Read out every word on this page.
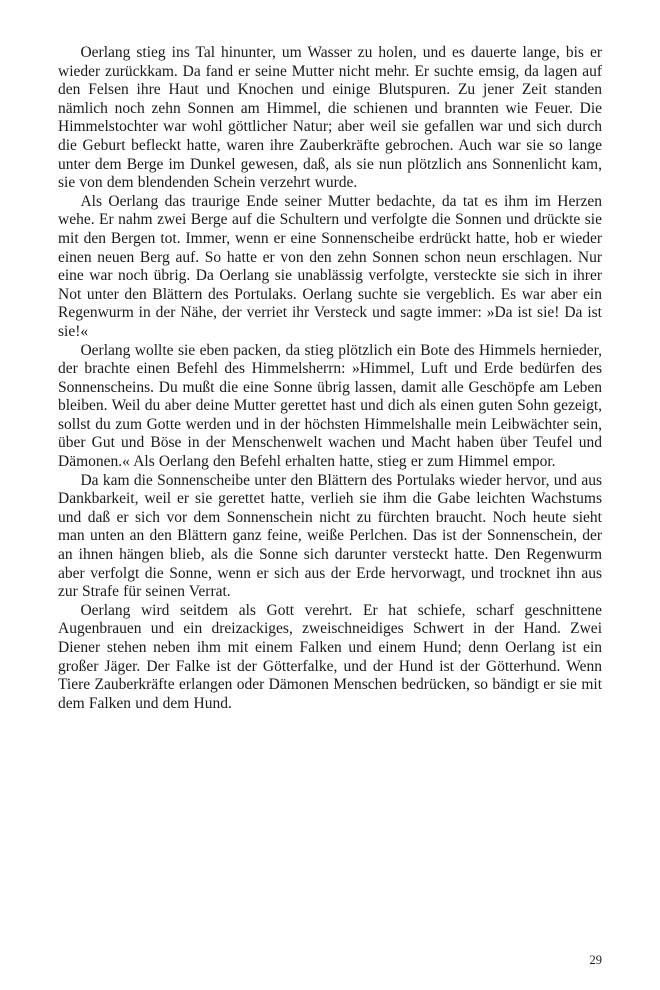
Oerlang stieg ins Tal hinunter, um Wasser zu holen, und es dauerte lange, bis er wieder zurückkam. Da fand er seine Mutter nicht mehr. Er suchte emsig, da lagen auf den Felsen ihre Haut und Knochen und einige Blutspuren. Zu jener Zeit standen nämlich noch zehn Sonnen am Himmel, die schienen und brannten wie Feuer. Die Himmelstochter war wohl göttlicher Natur; aber weil sie gefallen war und sich durch die Geburt befleckt hatte, waren ihre Zauberkräfte gebrochen. Auch war sie so lange unter dem Berge im Dunkel gewesen, daß, als sie nun plötzlich ans Sonnenlicht kam, sie von dem blendenden Schein verzehrt wurde.

Als Oerlang das traurige Ende seiner Mutter bedachte, da tat es ihm im Herzen wehe. Er nahm zwei Berge auf die Schultern und verfolgte die Sonnen und drückte sie mit den Bergen tot. Immer, wenn er eine Sonnenscheibe erdrückt hatte, hob er wieder einen neuen Berg auf. So hatte er von den zehn Sonnen schon neun erschlagen. Nur eine war noch übrig. Da Oerlang sie unablässig verfolgte, versteckte sie sich in ihrer Not unter den Blättern des Portulaks. Oerlang suchte sie vergeblich. Es war aber ein Regenwurm in der Nähe, der verriet ihr Versteck und sagte immer: »Da ist sie! Da ist sie!«

Oerlang wollte sie eben packen, da stieg plötzlich ein Bote des Himmels hernieder, der brachte einen Befehl des Himmelsherrn: »Himmel, Luft und Erde bedürfen des Sonnenscheins. Du mußt die eine Sonne übrig lassen, damit alle Geschöpfe am Leben bleiben. Weil du aber deine Mutter gerettet hast und dich als einen guten Sohn gezeigt, sollst du zum Gotte werden und in der höchsten Himmelshalle mein Leibwächter sein, über Gut und Böse in der Menschenwelt wachen und Macht haben über Teufel und Dämonen.« Als Oerlang den Befehl erhalten hatte, stieg er zum Himmel empor.

Da kam die Sonnenscheibe unter den Blättern des Portulaks wieder hervor, und aus Dankbarkeit, weil er sie gerettet hatte, verlieh sie ihm die Gabe leichten Wachstums und daß er sich vor dem Sonnenschein nicht zu fürchten braucht. Noch heute sieht man unten an den Blättern ganz feine, weiße Perlchen. Das ist der Sonnenschein, der an ihnen hängen blieb, als die Sonne sich darunter versteckt hatte. Den Regenwurm aber verfolgt die Sonne, wenn er sich aus der Erde hervorwagt, und trocknet ihn aus zur Strafe für seinen Verrat.

Oerlang wird seitdem als Gott verehrt. Er hat schiefe, scharf geschnittene Augenbrauen und ein dreizackiges, zweischneidiges Schwert in der Hand. Zwei Diener stehen neben ihm mit einem Falken und einem Hund; denn Oerlang ist ein großer Jäger. Der Falke ist der Götterfalke, und der Hund ist der Götterhund. Wenn Tiere Zauberkräfte erlangen oder Dämonen Menschen bedrücken, so bändigt er sie mit dem Falken und dem Hund.

29
